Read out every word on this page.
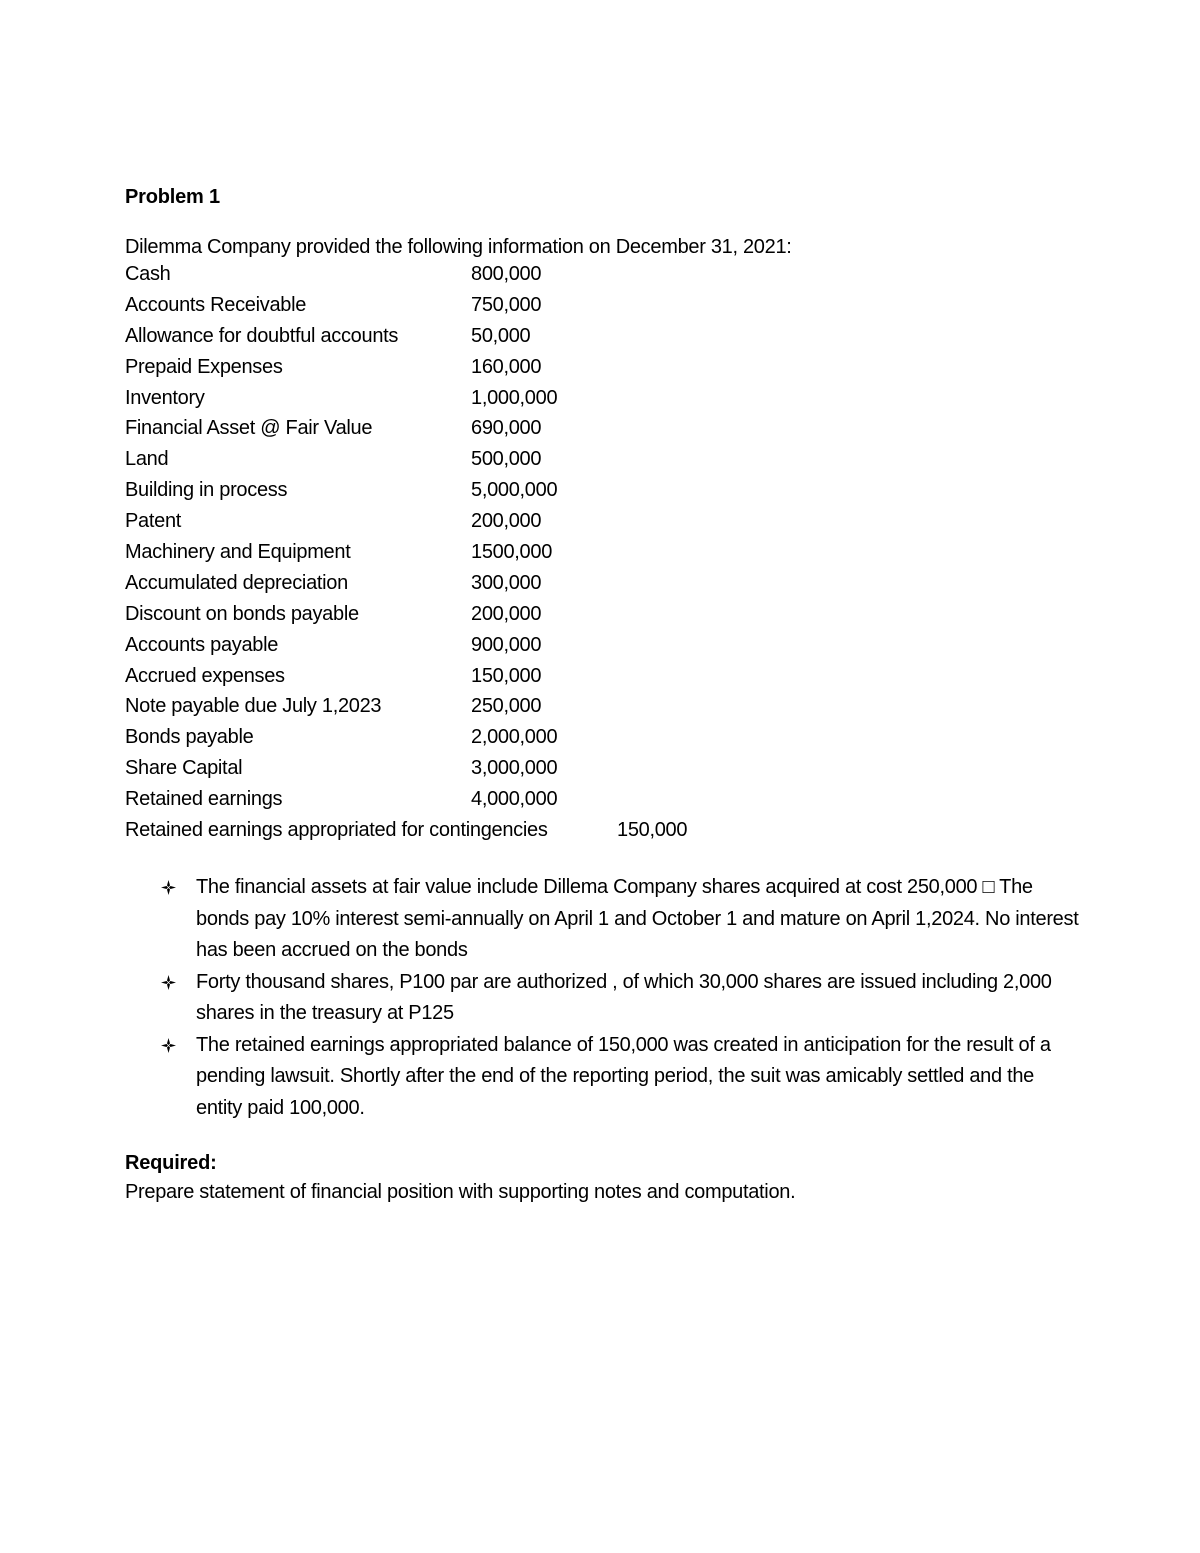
Problem 1
Dilemma Company provided the following information on December 31, 2021:
Cash	800,000
Accounts Receivable	750,000
Allowance for doubtful accounts	50,000
Prepaid Expenses	160,000
Inventory	1,000,000
Financial Asset @ Fair Value	690,000
Land	500,000
Building in process	5,000,000
Patent	200,000
Machinery and Equipment	1500,000
Accumulated depreciation	300,000
Discount on bonds payable	200,000
Accounts payable	900,000
Accrued expenses	150,000
Note payable due July 1,2023	250,000
Bonds payable	2,000,000
Share Capital	3,000,000
Retained earnings	4,000,000
Retained earnings appropriated for contingencies	150,000
The financial assets at fair value include Dillema Company shares acquired at cost 250,000 □ The bonds pay 10% interest semi-annually on April 1 and October 1 and mature on April 1,2024. No interest has been accrued on the bonds
Forty thousand shares, P100 par are authorized , of which 30,000 shares are issued including 2,000 shares in the treasury at P125
The retained earnings appropriated balance of 150,000 was created in anticipation for the result of a pending lawsuit. Shortly after the end of the reporting period, the suit was amicably settled and the entity paid 100,000.
Required:
Prepare statement of financial position with supporting notes and computation.
